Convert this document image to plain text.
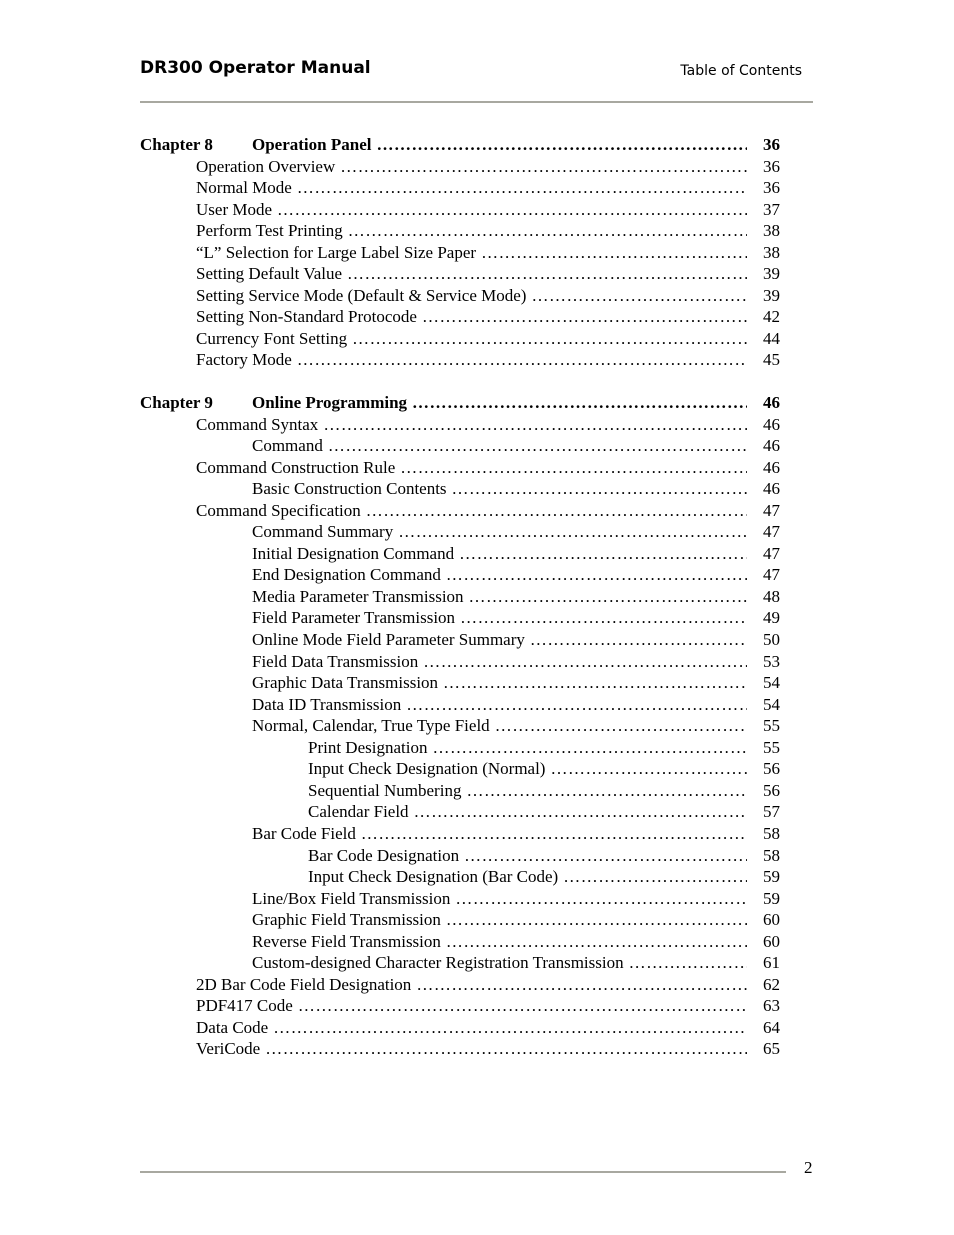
DR300 Operator Manual	Table of Contents
Chapter 8	Operation Panel …………………………………………………………………………………………………………………………………………………………	36
Operation Overview …………………………………………………………………………………………………………………………………………………………	36
Normal Mode …………………………………………………………………………………………………………………………………………………………	36
User Mode …………………………………………………………………………………………………………………………………………………………	37
Perform Test Printing …………………………………………………………………………………………………………………………………………………………	38
“L” Selection for Large Label Size Paper …………………………………………………………………………………………………………………………………………………………	38
Setting Default Value …………………………………………………………………………………………………………………………………………………………	39
Setting Service Mode (Default & Service Mode) …………………………………………………………………………………………………………………………………………………………	39
Setting Non-Standard Protocode …………………………………………………………………………………………………………………………………………………………	42
Currency Font Setting …………………………………………………………………………………………………………………………………………………………	44
Factory Mode …………………………………………………………………………………………………………………………………………………………	45
Chapter 9	Online Programming …………………………………………………………………………………………………………………………………………………………	46
Command Syntax …………………………………………………………………………………………………………………………………………………………	46
Command …………………………………………………………………………………………………………………………………………………………	46
Command Construction Rule …………………………………………………………………………………………………………………………………………………………	46
Basic Construction Contents …………………………………………………………………………………………………………………………………………………………	46
Command Specification …………………………………………………………………………………………………………………………………………………………	47
Command Summary …………………………………………………………………………………………………………………………………………………………	47
Initial Designation Command …………………………………………………………………………………………………………………………………………………………	47
End Designation Command …………………………………………………………………………………………………………………………………………………………	47
Media Parameter Transmission …………………………………………………………………………………………………………………………………………………………	48
Field Parameter Transmission …………………………………………………………………………………………………………………………………………………………	49
Online Mode Field Parameter Summary …………………………………………………………………………………………………………………………………………………………	50
Field Data Transmission …………………………………………………………………………………………………………………………………………………………	53
Graphic Data Transmission …………………………………………………………………………………………………………………………………………………………	54
Data ID Transmission …………………………………………………………………………………………………………………………………………………………	54
Normal, Calendar, True Type Field …………………………………………………………………………………………………………………………………………………………	55
Print Designation …………………………………………………………………………………………………………………………………………………………	55
Input Check Designation (Normal) …………………………………………………………………………………………………………………………………………………………	56
Sequential Numbering …………………………………………………………………………………………………………………………………………………………	56
Calendar Field …………………………………………………………………………………………………………………………………………………………	57
Bar Code Field …………………………………………………………………………………………………………………………………………………………	58
Bar Code Designation …………………………………………………………………………………………………………………………………………………………	58
Input Check Designation (Bar Code) …………………………………………………………………………………………………………………………………………………………	59
Line/Box Field Transmission …………………………………………………………………………………………………………………………………………………………	59
Graphic Field Transmission …………………………………………………………………………………………………………………………………………………………	60
Reverse Field Transmission …………………………………………………………………………………………………………………………………………………………	60
Custom-designed Character Registration Transmission …………………………………………………………………………………………………………………………………………………………	61
2D Bar Code Field Designation …………………………………………………………………………………………………………………………………………………………	62
PDF417 Code …………………………………………………………………………………………………………………………………………………………	63
Data Code …………………………………………………………………………………………………………………………………………………………	64
VeriCode …………………………………………………………………………………………………………………………………………………………	65
2
